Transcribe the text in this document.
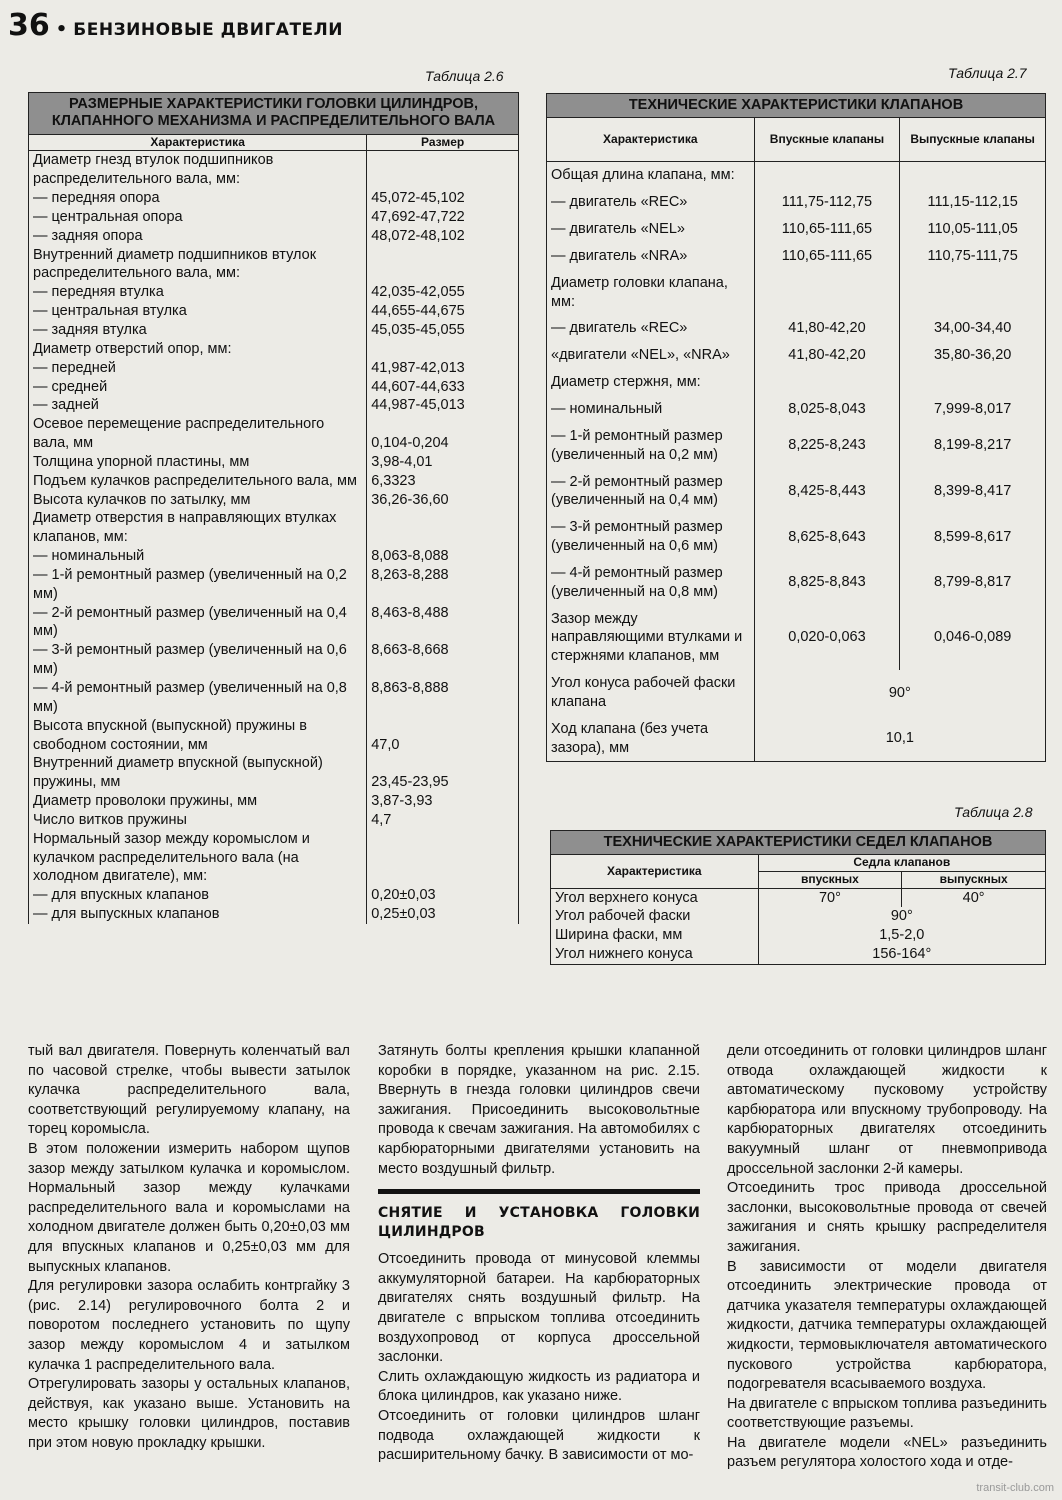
36 • БЕНЗИНОВЫЕ ДВИГАТЕЛИ
Таблица 2.6
РАЗМЕРНЫЕ ХАРАКТЕРИСТИКИ ГОЛОВКИ ЦИЛИНДРОВ, КЛАПАННОГО МЕХАНИЗМА И РАСПРЕДЕЛИТЕЛЬНОГО ВАЛА	
Характеристика	Размер
Диаметр гнезд втулок подшипников распределительного вала, мм:	
— передняя опора	45,072-45,102
— центральная опора	47,692-47,722
— задняя опора	48,072-48,102
Внутренний диаметр подшипников втулок распределительного вала, мм:	
— передняя втулка	42,035-42,055
— центральная втулка	44,655-44,675
— задняя втулка	45,035-45,055
Диаметр отверстий опор, мм:	
— передней	41,987-42,013
— средней	44,607-44,633
— задней	44,987-45,013
Осевое перемещение распределительного вала, мм	0,104-0,204
Толщина упорной пластины, мм	3,98-4,01
Подъем кулачков распределительного вала, мм	6,3323
Высота кулачков по затылку, мм	36,26-36,60
Диаметр отверстия в направляющих втулках клапанов, мм:	
— номинальный	8,063-8,088
— 1-й ремонтный размер (увеличенный на 0,2 мм)	8,263-8,288
— 2-й ремонтный размер (увеличенный на 0,4 мм)	8,463-8,488
— 3-й ремонтный размер (увеличенный на 0,6 мм)	8,663-8,668
— 4-й ремонтный размер (увеличенный на 0,8 мм)	8,863-8,888
Высота впускной (выпускной) пружины в свободном состоянии, мм	47,0
Внутренний диаметр впускной (выпускной) пружины, мм	23,45-23,95
Диаметр проволоки пружины, мм	3,87-3,93
Число витков пружины	4,7
Нормальный зазор между коромыслом и кулачком распределительного вала (на холодном двигателе), мм:	
— для впускных клапанов	0,20±0,03
— для выпускных клапанов	0,25±0,03
Таблица 2.7
ТЕХНИЧЕСКИЕ ХАРАКТЕРИСТИКИ КЛАПАНОВ		
Характеристика	Впускные клапаны	Выпускные клапаны
Общая длина клапана, мм:		
— двигатель «REC»	111,75-112,75	111,15-112,15
— двигатель «NEL»	110,65-111,65	110,05-111,05
— двигатель «NRA»	110,65-111,65	110,75-111,75
Диаметр головки клапана, мм:		
— двигатель «REC»	41,80-42,20	34,00-34,40
«двигатели «NEL», «NRA»	41,80-42,20	35,80-36,20
Диаметр стержня, мм:		
— номинальный	8,025-8,043	7,999-8,017
— 1-й ремонтный размер (увеличенный на 0,2 мм)	8,225-8,243	8,199-8,217
— 2-й ремонтный размер (увеличенный на 0,4 мм)	8,425-8,443	8,399-8,417
— 3-й ремонтный размер (увеличенный на 0,6 мм)	8,625-8,643	8,599-8,617
— 4-й ремонтный размер (увеличенный на 0,8 мм)	8,825-8,843	8,799-8,817
Зазор между направляющими втулками и стержнями клапанов, мм	0,020-0,063	0,046-0,089
Угол конуса рабочей фаски клапана	90°	
Ход клапана (без учета зазора), мм	10,1	
Таблица 2.8
ТЕХНИЧЕСКИЕ ХАРАКТЕРИСТИКИ СЕДЕЛ КЛАПАНОВ		
Характеристика	Седла клапанов	
	впускных	выпускных
Угол верхнего конуса	70°	40°
Угол рабочей фаски	90°	
Ширина фаски, мм	1,5-2,0	
Угол нижнего конуса	156-164°	

тый вал двигателя. Повернуть коленчатый вал по часовой стрелке, чтобы вывести затылок кулачка распределительного вала, соответствующий регулируемому клапану, на торец коромысла.

В этом положении измерить набором щупов зазор между затылком кулачка и коромыслом. Нормальный зазор между кулачками распределительного вала и коромыслами на холодном двигателе должен быть 0,20±0,03 мм для впускных клапанов и 0,25±0,03 мм для выпускных клапанов.

Для регулировки зазора ослабить контргайку 3 (рис. 2.14) регулировочного болта 2 и поворотом последнего установить по щупу зазор между коромыслом 4 и затылком кулачка 1 распределительного вала.

Отрегулировать зазоры у остальных клапанов, действуя, как указано выше. Установить на место крышку головки цилиндров, поставив при этом новую прокладку крышки.

Затянуть болты крепления крышки клапанной коробки в порядке, указанном на рис. 2.15. Ввернуть в гнезда головки цилиндров свечи зажигания. Присоединить высоковольтные провода к свечам зажигания. На автомобилях с карбюраторными двигателями установить на место воздушный фильтр.

СНЯТИЕ И УСТАНОВКА ГОЛОВКИ ЦИЛИНДРОВ

Отсоединить провода от минусовой клеммы аккумуляторной батареи. На карбюраторных двигателях снять воздушный фильтр. На двигателе с впрыском топлива отсоединить воздухопровод от корпуса дроссельной заслонки.

Слить охлаждающую жидкость из радиатора и блока цилиндров, как указано ниже.

Отсоединить от головки цилиндров шланг подвода охлаждающей жидкости к расширительному бачку. В зависимости от мо-

дели отсоединить от головки цилиндров шланг отвода охлаждающей жидкости к автоматическому пусковому устройству карбюратора или впускному трубопроводу. На карбюраторных двигателях отсоединить вакуумный шланг от пневмопривода дроссельной заслонки 2-й камеры.

Отсоединить трос привода дроссельной заслонки, высоковольтные провода от свечей зажигания и снять крышку распределителя зажигания.

В зависимости от модели двигателя отсоединить электрические провода от датчика указателя температуры охлаждающей жидкости, датчика температуры охлаждающей жидкости, термовыключателя автоматического пускового устройства карбюратора, подогревателя всасываемого воздуха.

На двигателе с впрыском топлива разъединить соответствующие разъемы.

На двигателе модели «NEL» разъединить разъем регулятора холостого хода и отде-

transit-club.com
